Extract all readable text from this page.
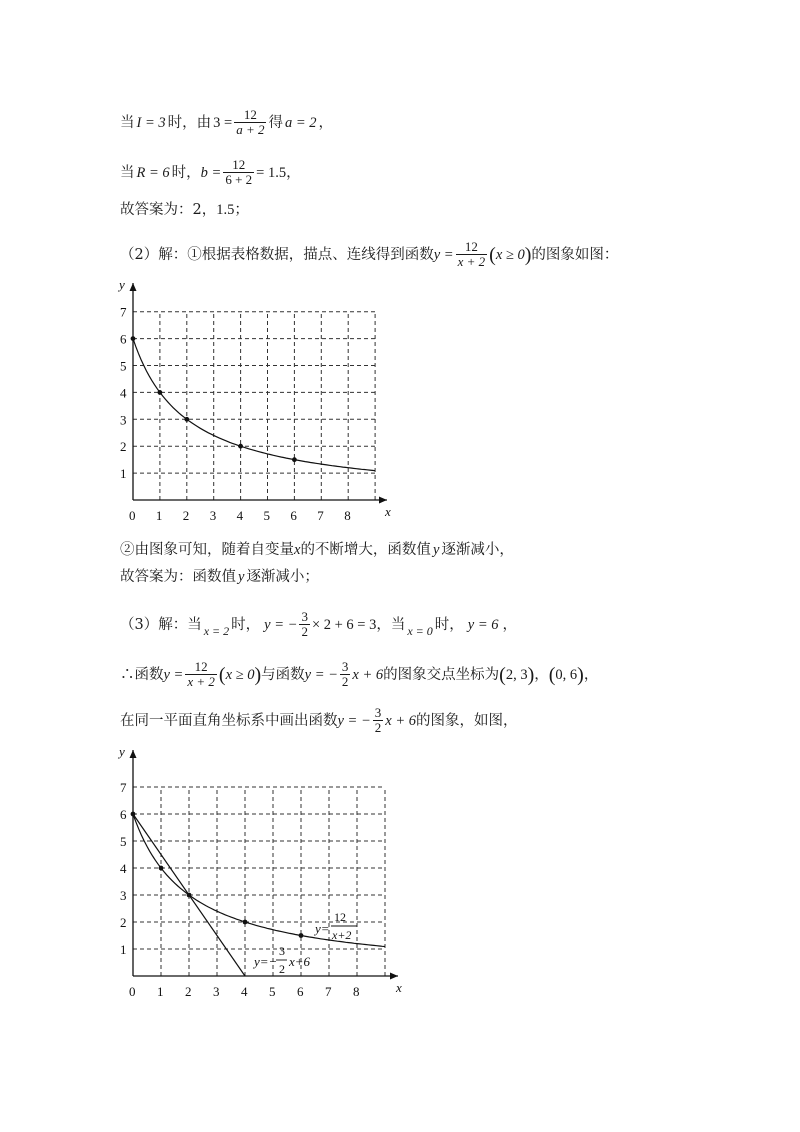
当 I = 3 时，由 $3 = \frac{12}{a + 2}$ 得 a = 2 ，
当 R = 6 时， $b = \frac{12}{6 + 2} = 1.5$ ，
故答案为：2， 1.5 ；
（2）解：①根据表格数据，描点、连线得到函数 $y = \frac{12}{x + 2}$ ( x ≥ 0 ) 的图象如图：
x
y
0 1 2 3 4 5 6 7 8
1
2
3
4
5
6
7
②由图象可知，随着自变量 x 的不断增大，函数值 y 逐渐减小，
故答案为：函数值 y 逐渐减小；
（3）解：当 x = 2 时， y = − $\frac{3}{2} \times 2 + 6 = 3$ ，当 x = 0 时， y = 6 ，
∴函数 $y = \frac{12}{x + 2}$ ( x ≥ 0 ) 与函数 y = − $\frac{3}{2}$ x + 6 的图象交点坐标为 ( 2, 3 ) ， ( 0, 6 ) ，
在同一平面直角坐标系中画出函数 y = − $\frac{3}{2}$ x + 6 的图象，如图，
x
y
0 1 2 3 4 5 6 7 8
1
2
3
4
5
6
7
y=
12
x+2
y=−
3
2 x+6
